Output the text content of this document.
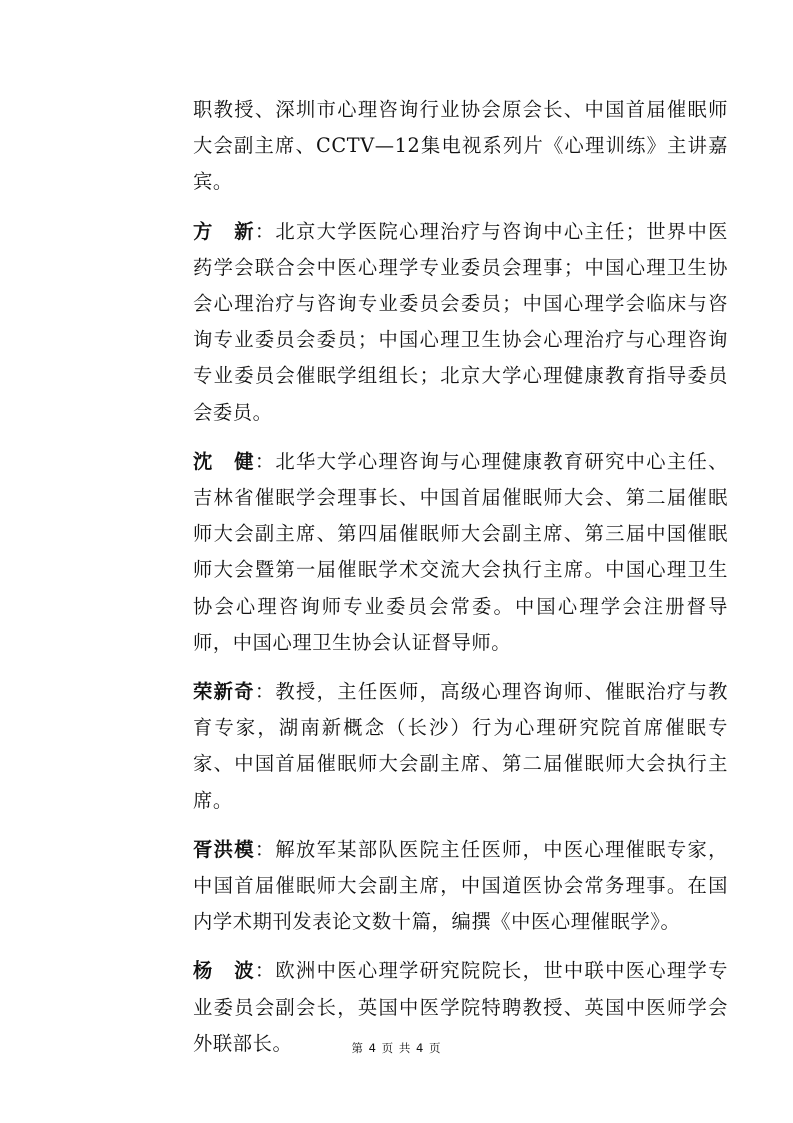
职教授、深圳市心理咨询行业协会原会长、中国首届催眠师大会副主席、CCTV—12集电视系列片《心理训练》主讲嘉宾。

方　新：北京大学医院心理治疗与咨询中心主任；世界中医药学会联合会中医心理学专业委员会理事；中国心理卫生协会心理治疗与咨询专业委员会委员；中国心理学会临床与咨询专业委员会委员；中国心理卫生协会心理治疗与心理咨询专业委员会催眠学组组长；北京大学心理健康教育指导委员会委员。

沈　健：北华大学心理咨询与心理健康教育研究中心主任、吉林省催眠学会理事长、中国首届催眠师大会、第二届催眠师大会副主席、第四届催眠师大会副主席、第三届中国催眠师大会暨第一届催眠学术交流大会执行主席。中国心理卫生协会心理咨询师专业委员会常委。中国心理学会注册督导师，中国心理卫生协会认证督导师。

荣新奇：教授，主任医师，高级心理咨询师、催眠治疗与教育专家，湖南新概念（长沙）行为心理研究院首席催眠专家、中国首届催眠师大会副主席、第二届催眠师大会执行主席。

胥洪模：解放军某部队医院主任医师，中医心理催眠专家，中国首届催眠师大会副主席，中国道医协会常务理事。在国内学术期刊发表论文数十篇，编撰《中医心理催眠学》。

杨　波：欧洲中医心理学研究院院长，世中联中医心理学专业委员会副会长，英国中医学院特聘教授、英国中医师学会外联部长。	第 4 页 共 4 页
